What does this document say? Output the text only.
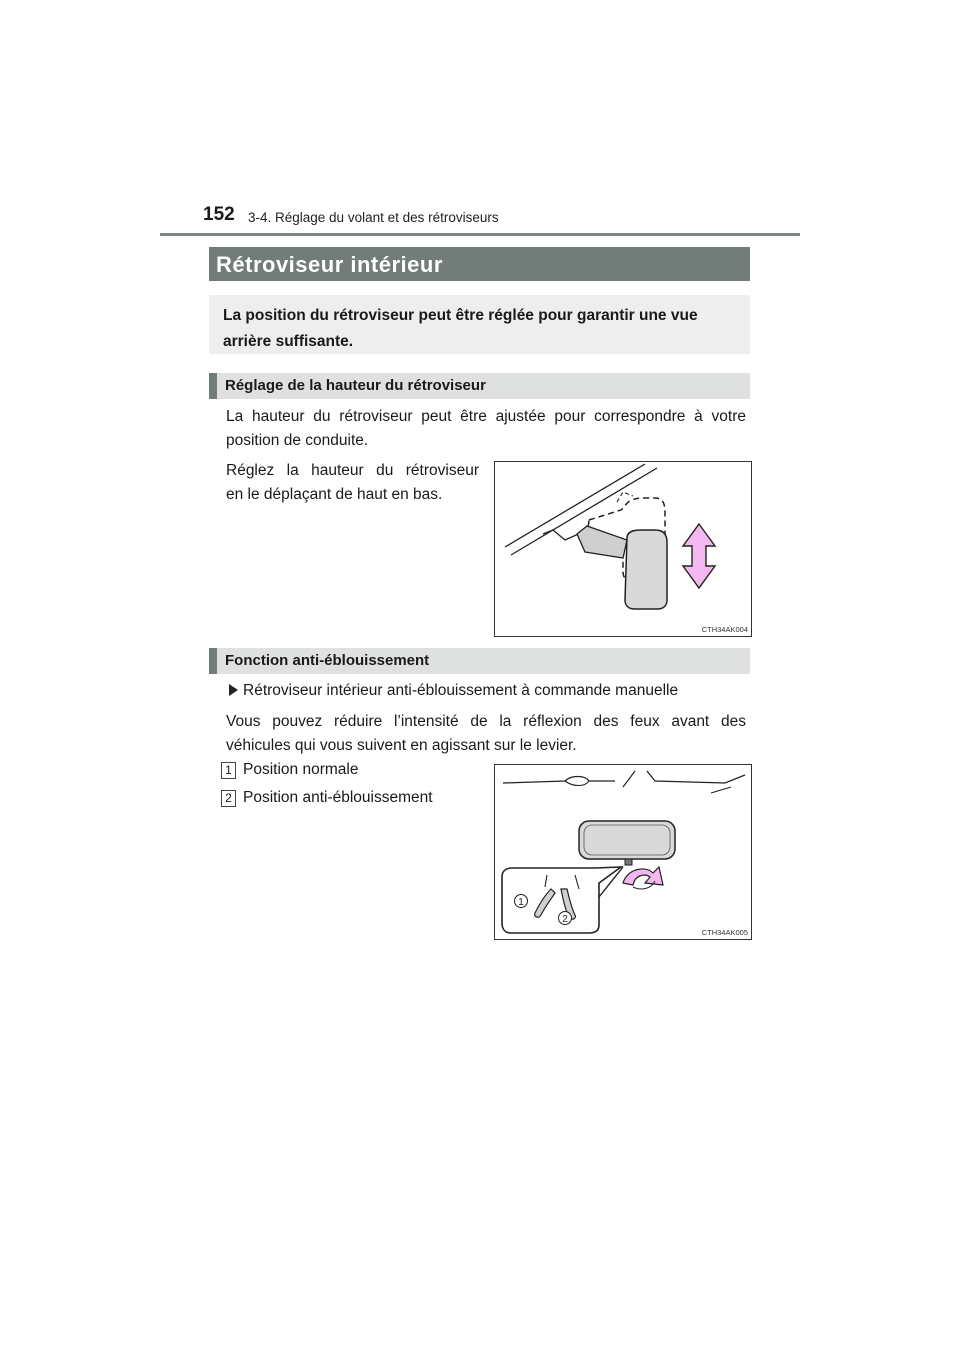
152 3-4. Réglage du volant et des rétroviseurs
Rétroviseur intérieur
La position du rétroviseur peut être réglée pour garantir une vue arrière suffisante.
Réglage de la hauteur du rétroviseur
La hauteur du rétroviseur peut être ajustée pour correspondre à votre
position de conduite.
Réglez la hauteur du rétroviseur
en le déplaçant de haut en bas.
CTH34AK004
Fonction anti-éblouissement
Rétroviseur intérieur anti-éblouissement à commande manuelle
Vous pouvez réduire l’intensité de la réflexion des feux avant des
véhicules qui vous suivent en agissant sur le levier.
1 Position normale
2 Position anti-éblouissement
1
2
CTH34AK005
